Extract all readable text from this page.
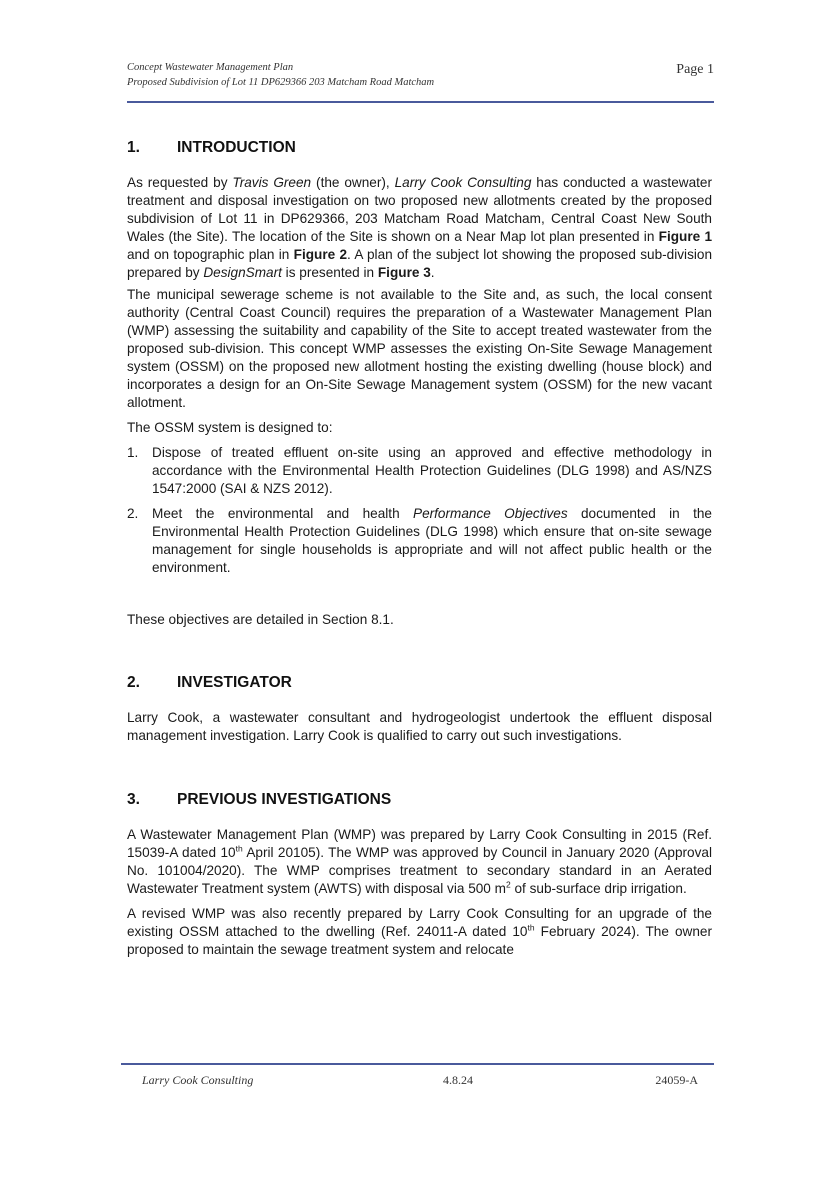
Concept Wastewater Management Plan
Proposed Subdivision of Lot 11 DP629366 203 Matcham Road Matcham
Page 1
1. INTRODUCTION

As requested by Travis Green (the owner), Larry Cook Consulting has conducted a wastewater treatment and disposal investigation on two proposed new allotments created by the proposed subdivision of Lot 11 in DP629366, 203 Matcham Road Matcham, Central Coast New South Wales (the Site). The location of the Site is shown on a Near Map lot plan presented in Figure 1 and on topographic plan in Figure 2. A plan of the subject lot showing the proposed sub-division prepared by DesignSmart is presented in Figure 3.

The municipal sewerage scheme is not available to the Site and, as such, the local consent authority (Central Coast Council) requires the preparation of a Wastewater Management Plan (WMP) assessing the suitability and capability of the Site to accept treated wastewater from the proposed sub-division. This concept WMP assesses the existing On-Site Sewage Management system (OSSM) on the proposed new allotment hosting the existing dwelling (house block) and incorporates a design for an On-Site Sewage Management system (OSSM) for the new vacant allotment.

The OSSM system is designed to:

1. Dispose of treated effluent on-site using an approved and effective methodology in accordance with the Environmental Health Protection Guidelines (DLG 1998) and AS/NZS 1547:2000 (SAI & NZS 2012).
2. Meet the environmental and health Performance Objectives documented in the Environmental Health Protection Guidelines (DLG 1998) which ensure that on-site sewage management for single households is appropriate and will not affect public health or the environment.

These objectives are detailed in Section 8.1.

2. INVESTIGATOR

Larry Cook, a wastewater consultant and hydrogeologist undertook the effluent disposal management investigation. Larry Cook is qualified to carry out such investigations.

3. PREVIOUS INVESTIGATIONS

A Wastewater Management Plan (WMP) was prepared by Larry Cook Consulting in 2015 (Ref. 15039-A dated 10th April 20105). The WMP was approved by Council in January 2020 (Approval No. 101004/2020). The WMP comprises treatment to secondary standard in an Aerated Wastewater Treatment system (AWTS) with disposal via 500 $m^2$ of sub-surface drip irrigation.

A revised WMP was also recently prepared by Larry Cook Consulting for an upgrade of the existing OSSM attached to the dwelling (Ref. 24011-A dated 10th February 2024). The owner proposed to maintain the sewage treatment system and relocate

Larry Cook Consulting	4.8.24	24059-A
